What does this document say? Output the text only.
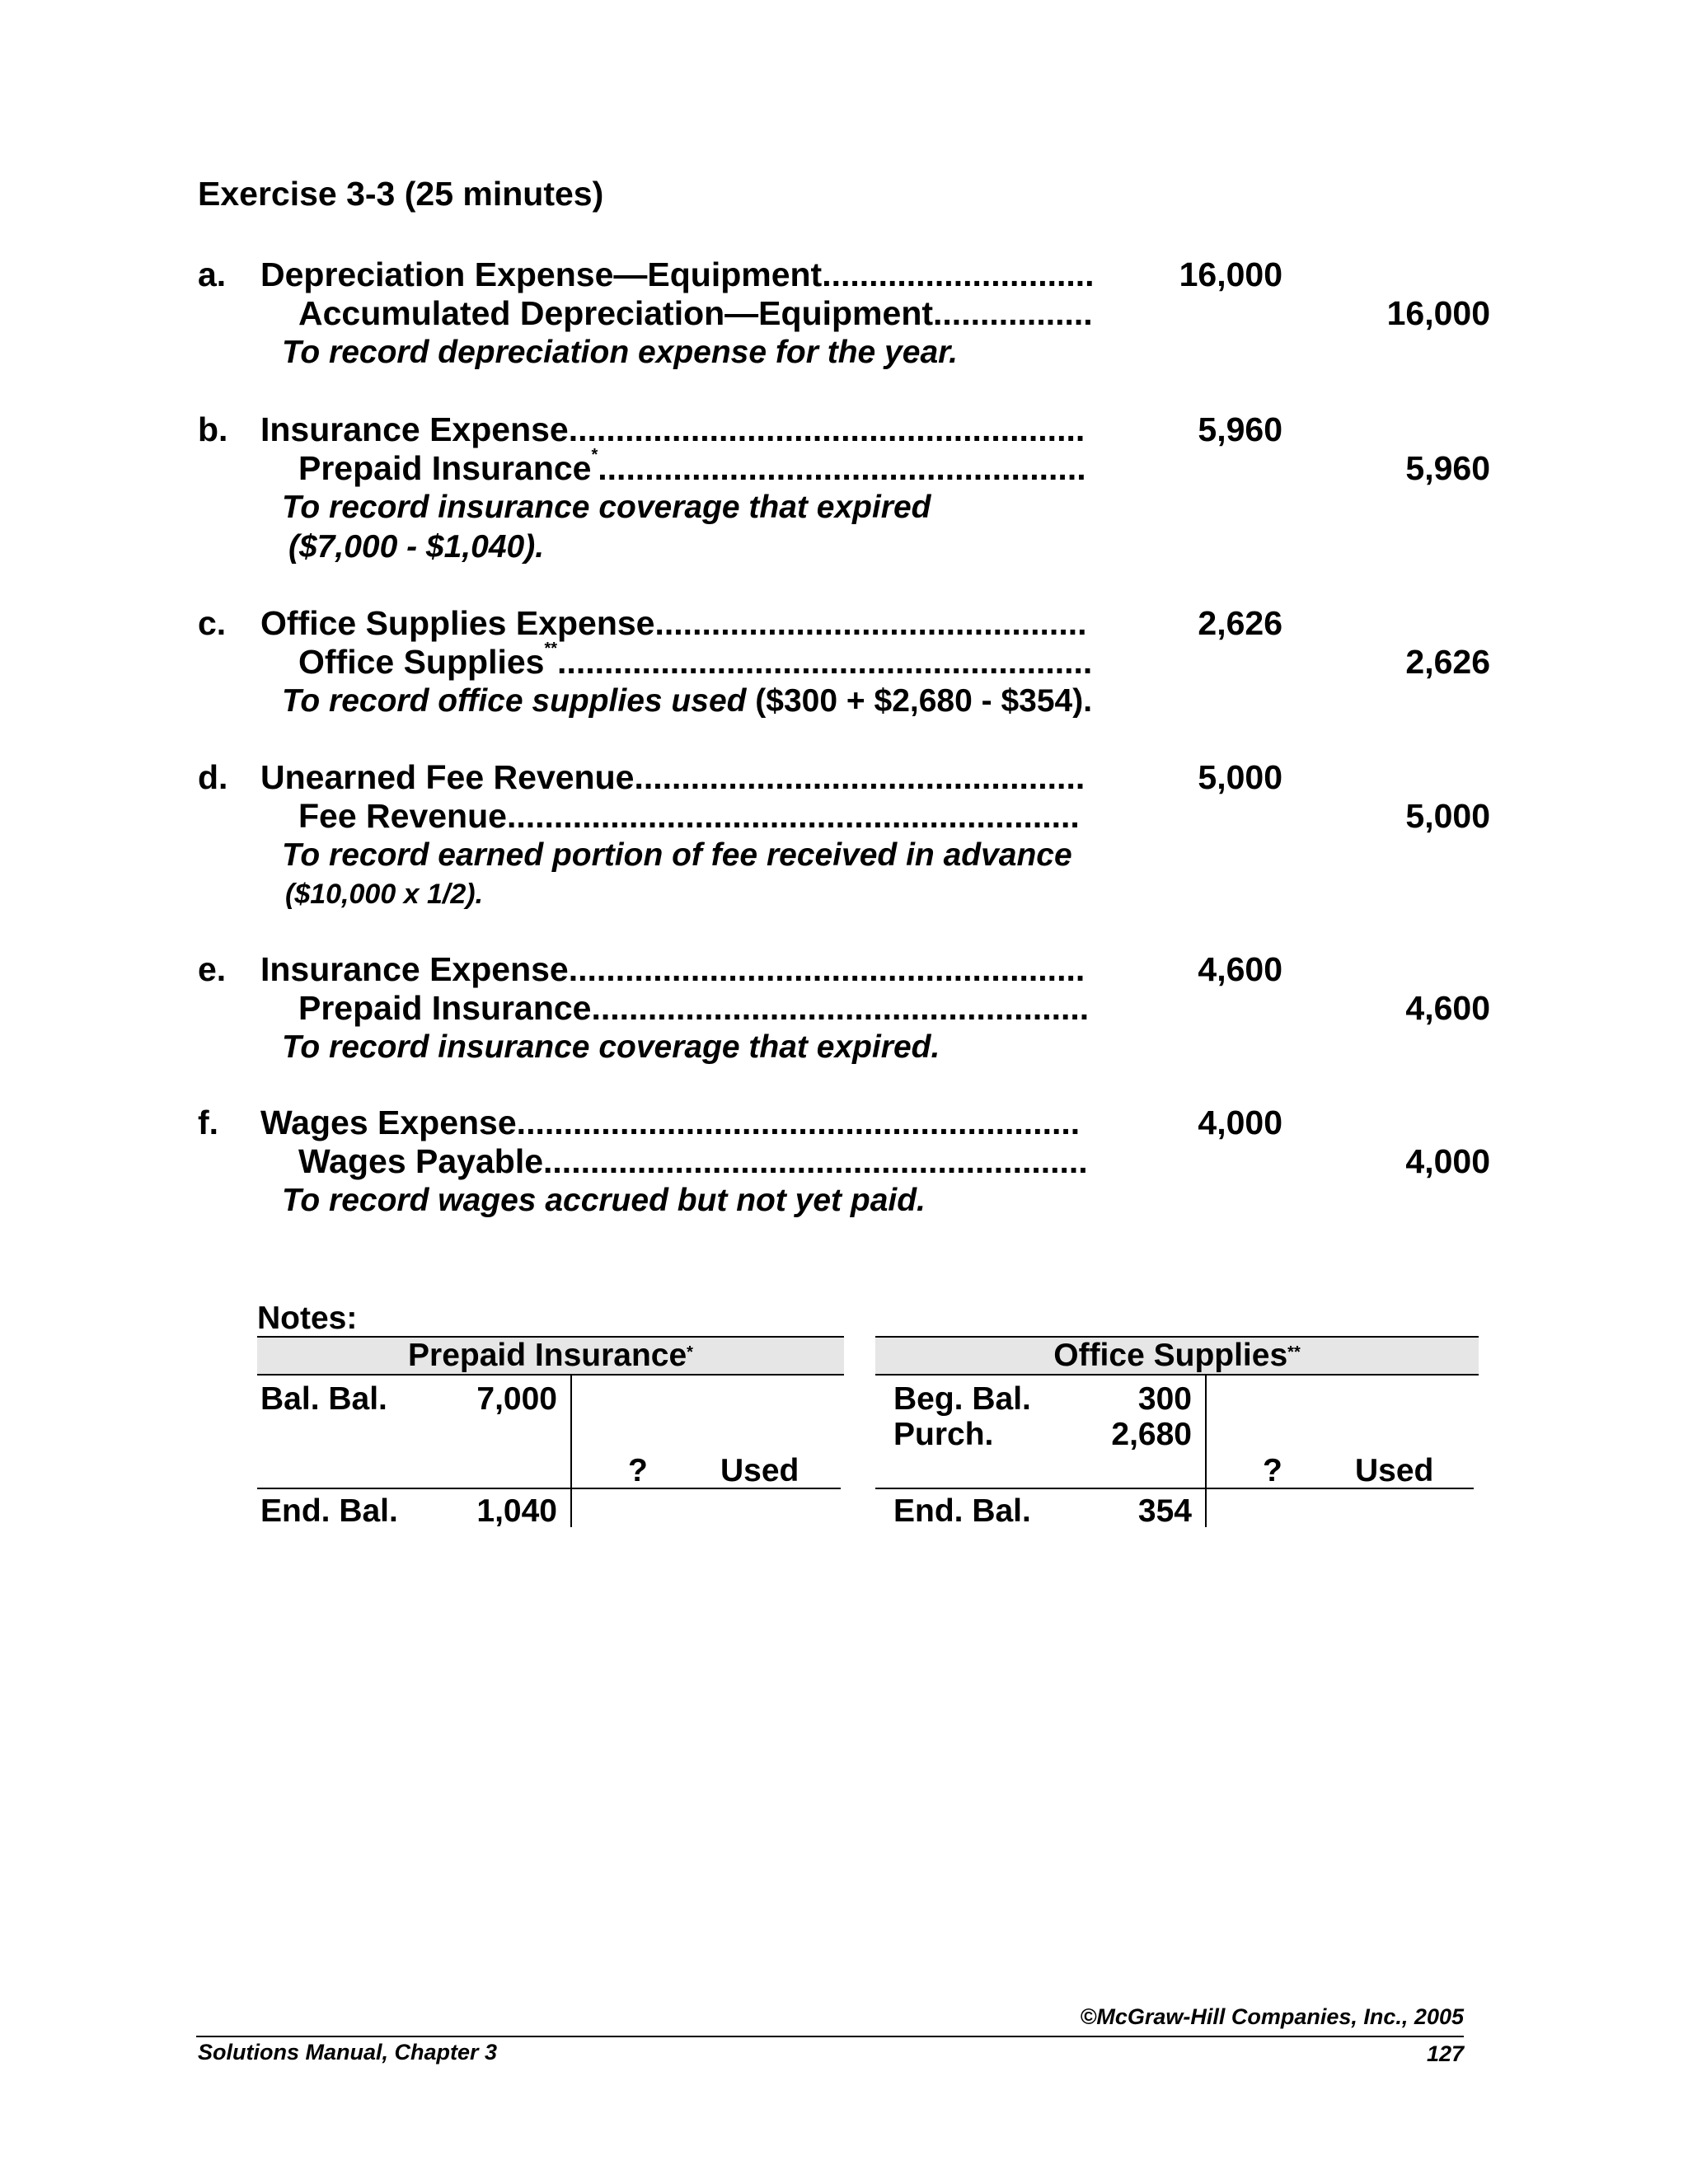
Exercise 3-3 (25 minutes)
a. Depreciation Expense—Equipment.............................	16,000
Accumulated Depreciation—Equipment.................	16,000
To record depreciation expense for the year.
b. Insurance Expense.......................................................	5,960
Prepaid Insurance*....................................................	5,960
To record insurance coverage that expired
($7,000 - $1,040).
c. Office Supplies Expense..............................................	2,626
Office Supplies**.........................................................	2,626
To record office supplies used ($300 + $2,680 - $354).
d. Unearned Fee Revenue................................................	5,000
Fee Revenue.............................................................	5,000
To record earned portion of fee received in advance
($10,000 x 1/2).
e. Insurance Expense.......................................................	4,600
Prepaid Insurance.....................................................	4,600
To record insurance coverage that expired.
f. Wages Expense............................................................	4,000
Wages Payable..........................................................	4,000
To record wages accrued but not yet paid.
Notes:
Prepaid Insurance*
Bal. Bal.	7,000
? Used
End. Bal.	1,040
Office Supplies**
Beg. Bal.	300
Purch.	2,680
? Used
End. Bal.	354
©McGraw-Hill Companies, Inc., 2005
Solutions Manual, Chapter 3	127
